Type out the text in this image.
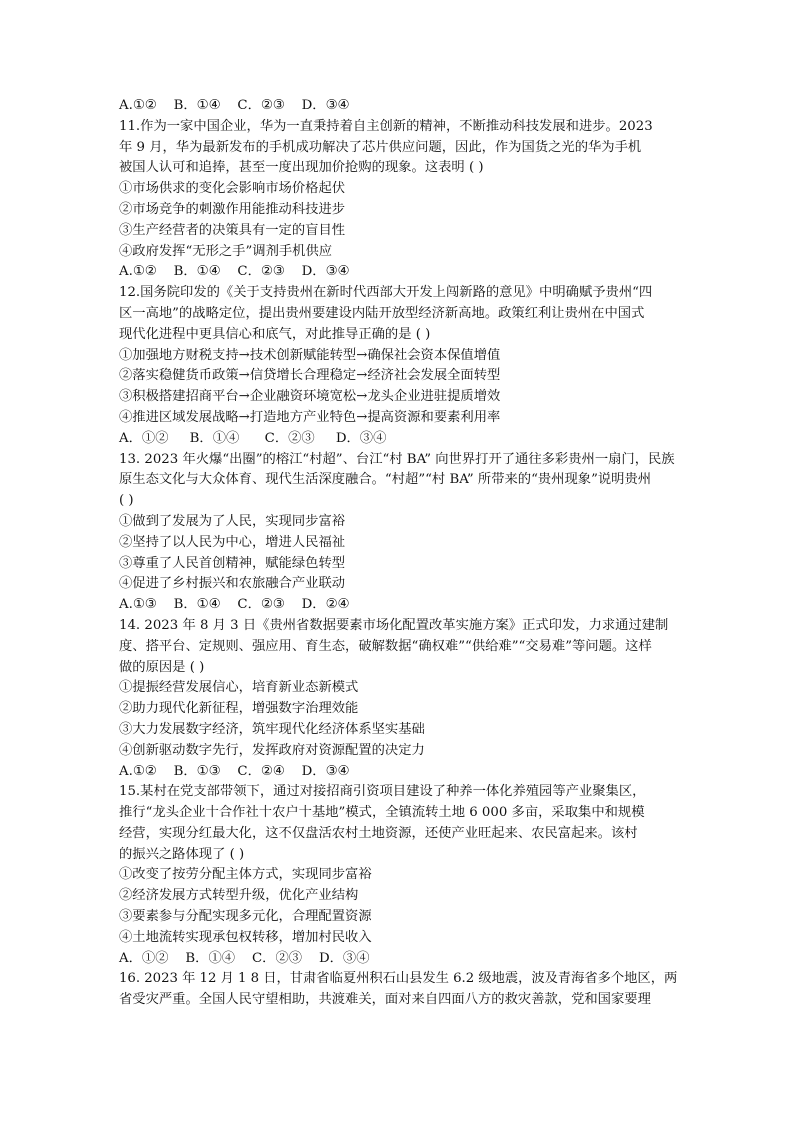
A.①②    B．①④    C．②③    D．③④
11.作为一家中国企业，华为一直秉持着自主创新的精神，不断推动科技发展和进步。2023
年 9 月，华为最新发布的手机成功解决了芯片供应问题，因此，作为国货之光的华为手机
被国人认可和追捧，甚至一度出现加价抢购的现象。这表明 ( )
①市场供求的变化会影响市场价格起伏
②市场竞争的刺激作用能推动科技进步
③生产经营者的决策具有一定的盲目性
④政府发挥“无形之手”调剂手机供应
A.①②    B．①④    C．②③    D．③④
12.国务院印发的《关于支持贵州在新时代西部大开发上闯新路的意见》中明确赋予贵州“四
区一高地”的战略定位，提出贵州要建设内陆开放型经济新高地。政策红利让贵州在中国式
现代化进程中更具信心和底气，对此推导正确的是 ( )
①加强地方财税支持→技术创新赋能转型→确保社会资本保值增值
②落实稳健货币政策→信贷增长合理稳定→经济社会发展全面转型
③积极搭建招商平台→企业融资环境宽松→龙头企业进驻提质增效
④推进区域发展战略→打造地方产业特色→提高资源和要素利用率
A．①②     B．①④      C．②③     D．③④
13. 2023 年火爆“出圈”的榕江“村超”、台江“村 BA” 向世界打开了通往多彩贵州一扇门，民族
原生态文化与大众体育、现代生活深度融合。“村超”“村 BA” 所带来的“贵州现象”说明贵州
( )
①做到了发展为了人民，实现同步富裕
②坚持了以人民为中心，增进人民福祉
③尊重了人民首创精神，赋能绿色转型
④促进了乡村振兴和农旅融合产业联动
A.①③    B．①④    C．②③    D．②④
14. 2023 年 8 月 3 日《贵州省数据要素市场化配置改革实施方案》正式印发，力求通过建制
度、搭平台、定规则、强应用、育生态，破解数据“确权难”“供给难”“交易难”等问题。这样
做的原因是 ( )
①提振经营发展信心，培育新业态新模式
②助力现代化新征程，增强数字治理效能
③大力发展数字经济，筑牢现代化经济体系坚实基础
④创新驱动数字先行，发挥政府对资源配置的决定力
A.①②    B．①③    C．②④    D．③④
15.某村在党支部带领下，通过对接招商引资项目建设了种养一体化养殖园等产业聚集区，
推行“龙头企业十合作社十农户十基地”模式，全镇流转土地 6 000 多亩，采取集中和规模
经营，实现分红最大化，这不仅盘活农村土地资源，还使产业旺起来、农民富起来。该村
的振兴之路体现了 ( )
①改变了按劳分配主体方式，实现同步富裕
②经济发展方式转型升级，优化产业结构
③要素参与分配实现多元化，合理配置资源
④土地流转实现承包权转移，增加村民收入
A．①②    B．①④    C．②③    D．③④
16. 2023 年 12 月 1 8 日，甘肃省临夏州积石山县发生 6.2 级地震，波及青海省多个地区，两
省受灾严重。全国人民守望相助，共渡难关，面对来自四面八方的救灾善款，党和国家要理
